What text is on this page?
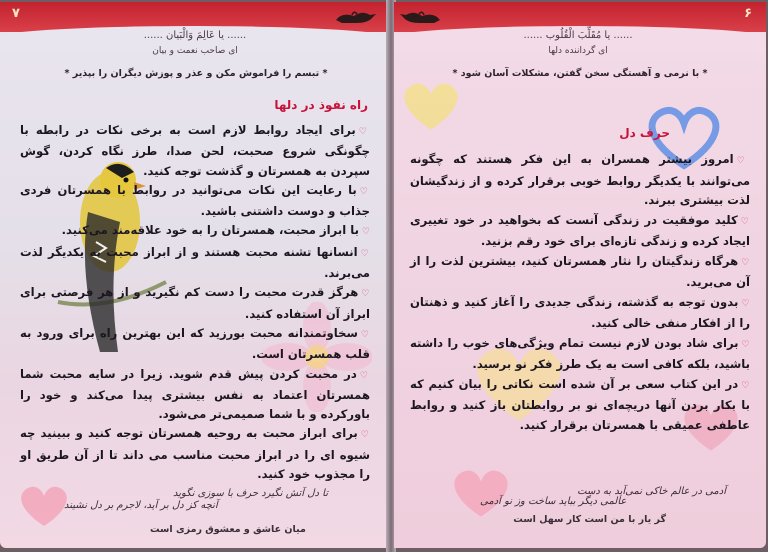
۷
...... یا عَالِمَ وَالْبَیان ......
ای صاحب نعمت و بیان
* تبسم را فراموش مکن و عذر و پوزش دیگران را بپذیر *
راه نفوذ در دلها

♡برای ایجاد روابط لازم است به برخی نکات در رابطه با چگونگی شروع صحبت، لحن صدا، طرز نگاه کردن، گوش سپردن به همسرتان و گذشت توجه کنید.

♡با رعایت این نکات می‌توانید در روابط با همسرتان فردی جذاب و دوست داشتنی باشید.

♡با ابراز محبت، همسرتان را به خود علاقه‌مند می‌کنید.

♡انسانها تشنه محبت هستند و از ابراز محبت به یکدیگر لذت می‌برند.

♡هرگز قدرت محبت را دست کم نگیرید و از هر فرصتی برای ابراز آن استفاده کنید.

♡سخاوتمندانه محبت بورزید که این بهترین راه برای ورود به قلب همسرتان است.

♡در محبت کردن پیش قدم شوید. زیرا در سایه محبت شما همسرتان اعتماد به نفس بیشتری پیدا می‌کند و خود را باورکرده و با شما صمیمی‌تر می‌شود.

♡برای ابراز محبت به روحیه همسرتان توجه کنید و ببینید چه شیوه ای را در ابراز محبت مناسب می داند تا از آن طریق او را مجذوب خود کنید.

تا دل آتش نگیرد حرف با سوزی نگوید
آنچه کز دل بر آید، لاجرم بر دل نشیند
میان عاشق و معشوق رمزی است
۶
...... یا مُقَلِّبَ الْقُلُوب ......
ای گرداننده دلها
* با نرمی و آهستگی سخن گفتن، مشکلات آسان شود *
حرف دل

♡امروز بیشتر همسران به این فکر هستند که چگونه می‌توانند با یکدیگر روابط خوبی برقرار کرده و از زندگیشان لذت بیشتری ببرند.

♡کلید موفقیت در زندگی آنست که بخواهید در خود تغییری ایجاد کرده و زندگی تازه‌ای برای خود رقم بزنید.

♡هرگاه زندگیتان را نثار همسرتان کنید، بیشترین لذت را از آن می‌برید.

♡بدون توجه به گذشته، زندگی جدیدی را آغاز کنید و ذهنتان را از افکار منفی خالی کنید.

♡برای شاد بودن لازم نیست تمام ویژگی‌های خوب را داشته باشید، بلکه کافی است به یک طرز فکر نو برسید.

♡در این کتاب سعی بر آن شده است نکاتی را بیان کنیم که با بکار بردن آنها دریچه‌ای نو بر روابطتان باز کنید و روابط عاطفی عمیقی با همسرتان برقرار کنید.

آدمی در عالم خاکی نمی‌آید به دست
عالمی دیگر بباید ساخت وز نو آدمی
گر یار با من است کار سهل است
